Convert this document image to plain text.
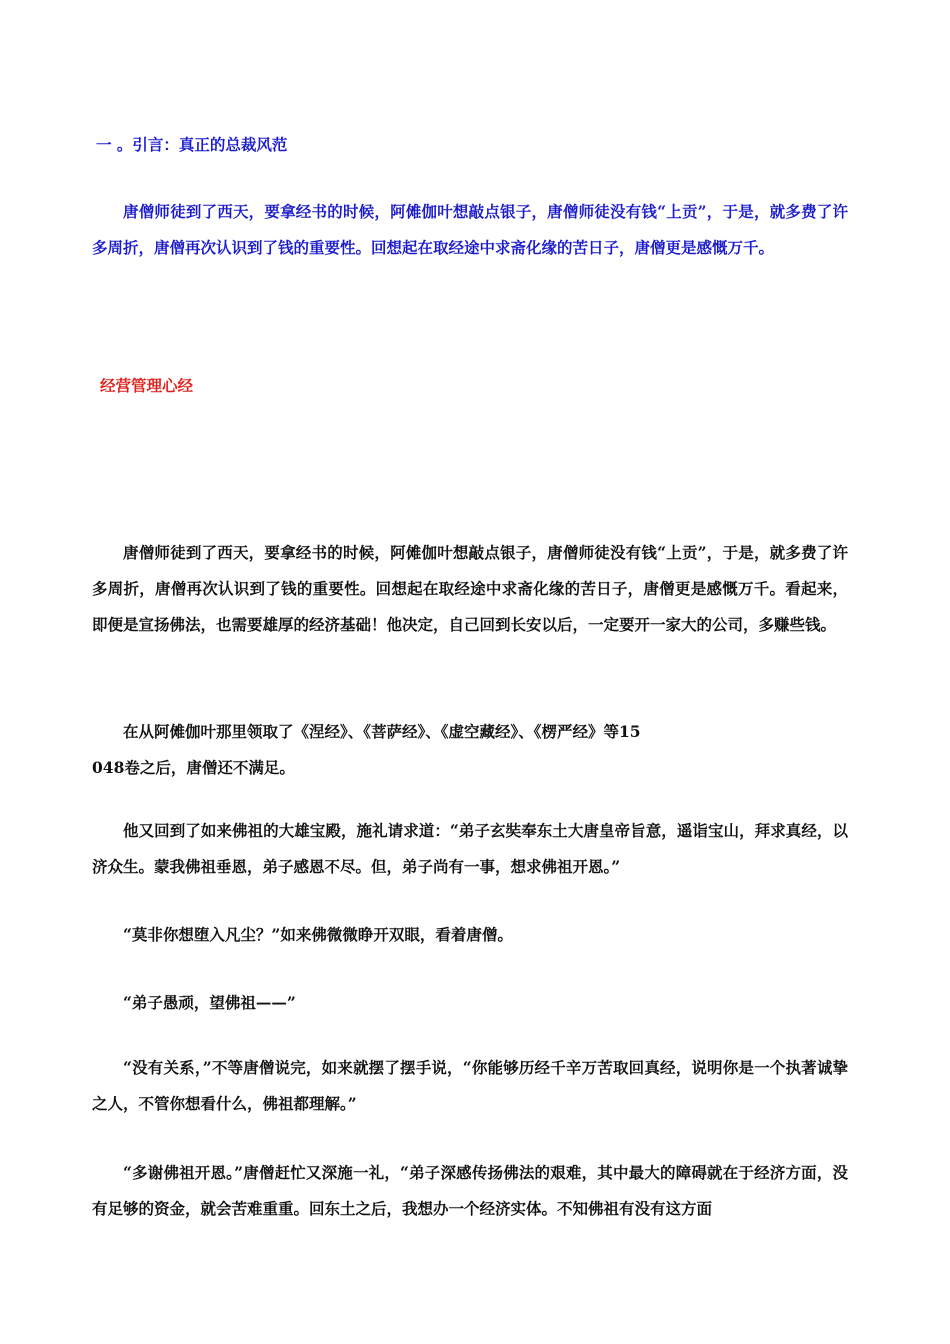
一 。引言：真正的总裁风范
唐僧师徒到了西天，要拿经书的时候，阿傩伽叶想敲点银子，唐僧师徒没有钱“上贡”，于是，就多费了许多周折，唐僧再次认识到了钱的重要性。回想起在取经途中求斋化缘的苦日子，唐僧更是感慨万千。
经营管理心经
唐僧师徒到了西天，要拿经书的时候，阿傩伽叶想敲点银子，唐僧师徒没有钱“上贡”，于是，就多费了许多周折，唐僧再次认识到了钱的重要性。回想起在取经途中求斋化缘的苦日子，唐僧更是感慨万千。看起来，即便是宣扬佛法，也需要雄厚的经济基础！他决定，自己回到长安以后，一定要开一家大的公司，多赚些钱。
在从阿傩伽叶那里领取了《涅经》、《菩萨经》、《虚空藏经》、《楞严经》等15
048卷之后，唐僧还不满足。
他又回到了如来佛祖的大雄宝殿，施礼请求道：“弟子玄奘奉东土大唐皇帝旨意，遥诣宝山，拜求真经，以济众生。蒙我佛祖垂恩，弟子感恩不尽。但，弟子尚有一事，想求佛祖开恩。”
“莫非你想堕入凡尘？”如来佛微微睁开双眼，看着唐僧。
“弟子愚顽，望佛祖——”
“没有关系，”不等唐僧说完，如来就摆了摆手说，“你能够历经千辛万苦取回真经，说明你是一个执著诚挚之人，不管你想看什么，佛祖都理解。”
“多谢佛祖开恩。”唐僧赶忙又深施一礼，“弟子深感传扬佛法的艰难，其中最大的障碍就在于经济方面，没有足够的资金，就会苦难重重。回东土之后，我想办一个经济实体。不知佛祖有没有这方面
